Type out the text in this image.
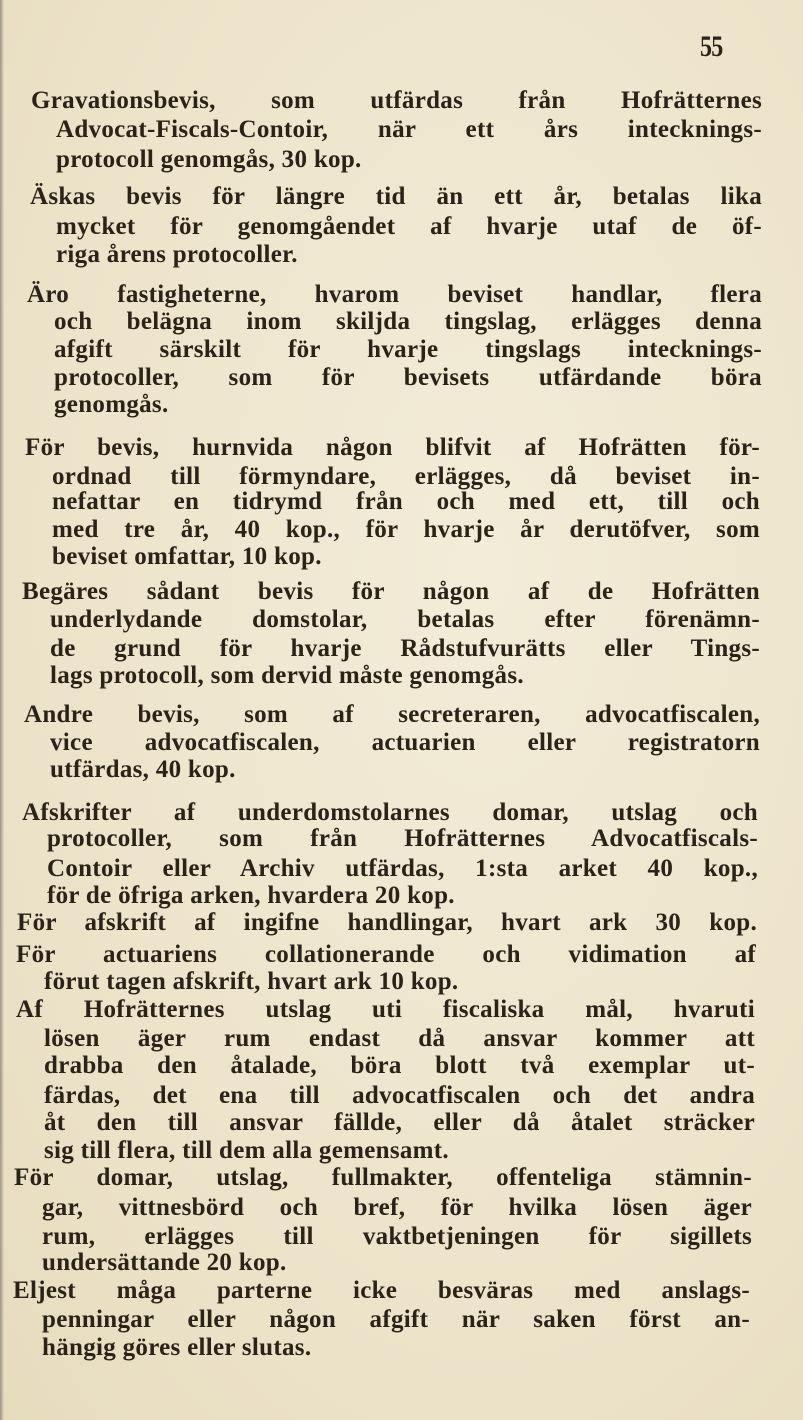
55
Gravationsbevis, som utfärdas från Hofrätternes
Advocat-Fiscals-Contoir, när ett års intecknings-
protocoll genomgås, 30 kop.
Äskas bevis för längre tid än ett år, betalas lika
mycket för genomgåendet af hvarje utaf de öf-
riga årens protocoller.
Äro fastigheterne, hvarom beviset handlar, flera
och belägna inom skiljda tingslag, erlägges denna
afgift särskilt för hvarje tingslags intecknings-
protocoller, som för bevisets utfärdande böra
genomgås.
För bevis, hurnvida någon blifvit af Hofrätten för-
ordnad till förmyndare, erlägges, då beviset in-
nefattar en tidrymd från och med ett, till och
med tre år, 40 kop., för hvarje år derutöfver, som
beviset omfattar, 10 kop.
Begäres sådant bevis för någon af de Hofrätten
underlydande domstolar, betalas efter förenämn-
de grund för hvarje Rådstufvurätts eller Tings-
lags protocoll, som dervid måste genomgås.
Andre bevis, som af secreteraren, advocatfiscalen,
vice advocatfiscalen, actuarien eller registratorn
utfärdas, 40 kop.
Afskrifter af underdomstolarnes domar, utslag och
protocoller, som från Hofrätternes Advocatfiscals-
Contoir eller Archiv utfärdas, 1:sta arket 40 kop.,
för de öfriga arken, hvardera 20 kop.
För afskrift af ingifne handlingar, hvart ark 30 kop.
För actuariens collationerande och vidimation af
förut tagen afskrift, hvart ark 10 kop.
Af Hofrätternes utslag uti fiscaliska mål, hvaruti
lösen äger rum endast då ansvar kommer att
drabba den åtalade, böra blott två exemplar ut-
färdas, det ena till advocatfiscalen och det andra
åt den till ansvar fällde, eller då åtalet sträcker
sig till flera, till dem alla gemensamt.
För domar, utslag, fullmakter, offenteliga stämnin-
gar, vittnesbörd och bref, för hvilka lösen äger
rum, erlägges till vaktbetjeningen för sigillets
undersättande 20 kop.
Eljest måga parterne icke besväras med anslags-
penningar eller någon afgift när saken först an-
hängig göres eller slutas.
